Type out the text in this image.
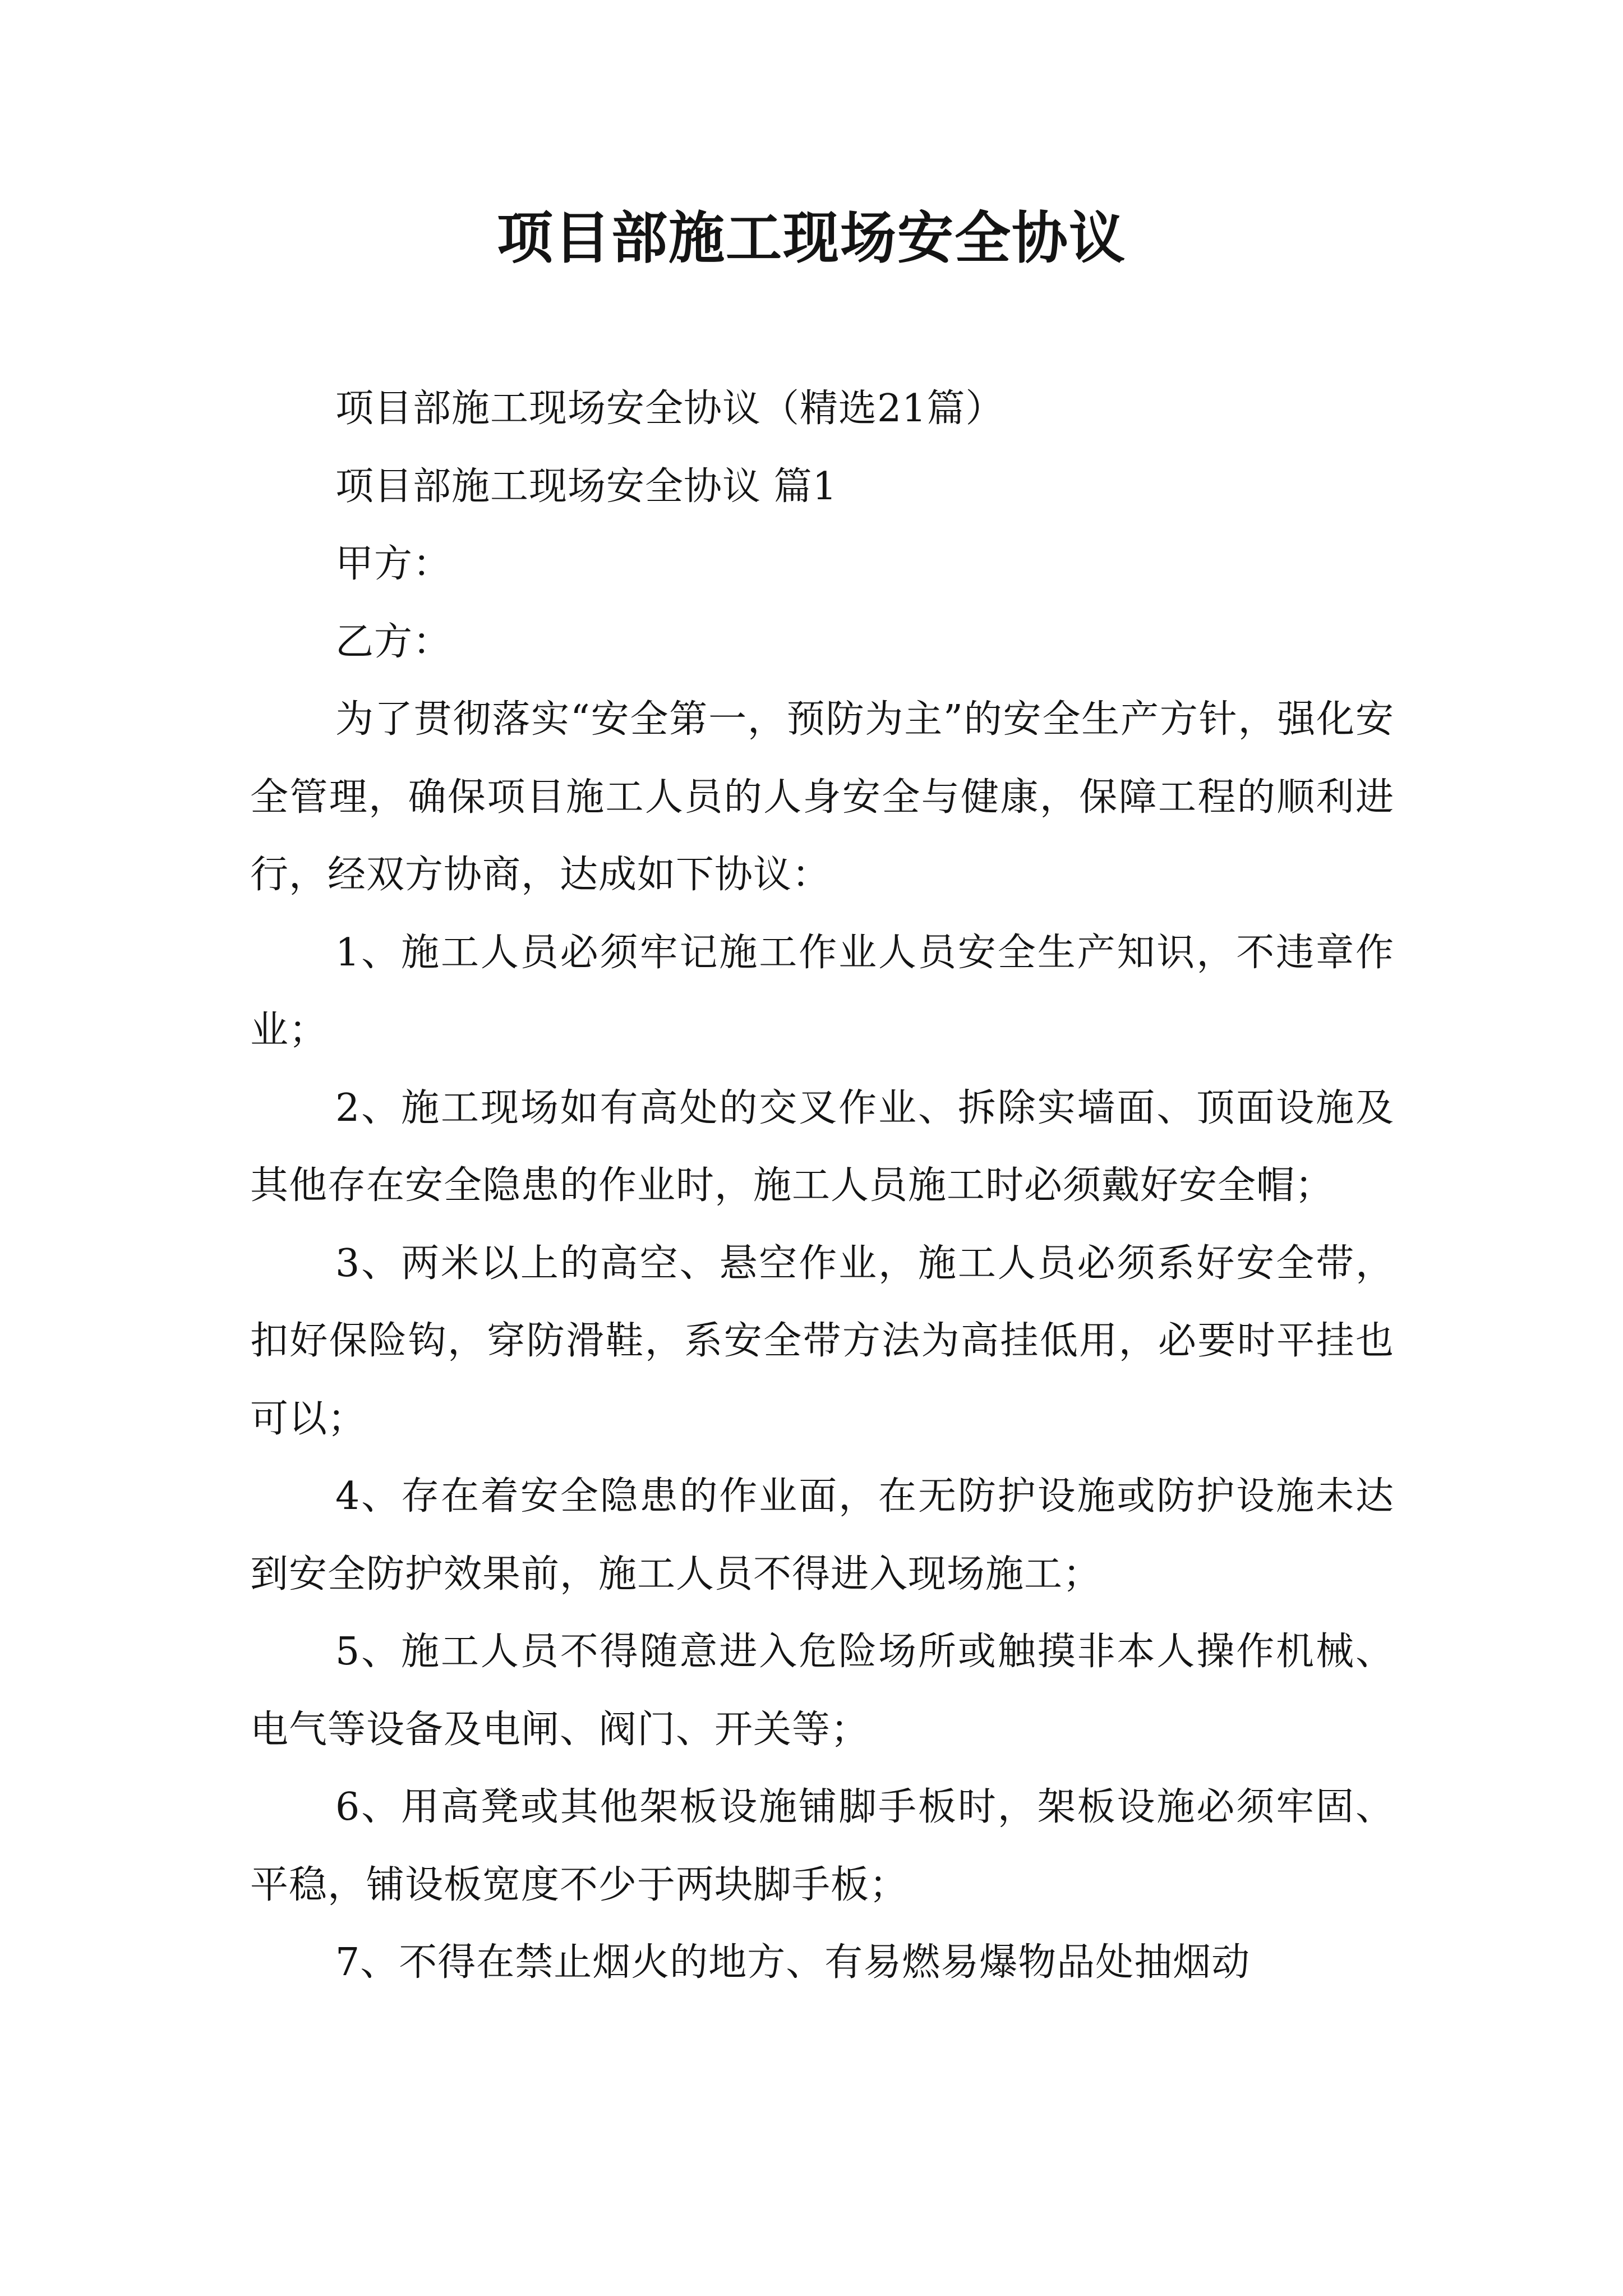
项目部施工现场安全协议

项目部施工现场安全协议（精选21篇）

项目部施工现场安全协议 篇1

甲方：

乙方：

为了贯彻落实“安全第一，预防为主”的安全生产方针，强化安全管理，确保项目施工人员的人身安全与健康，保障工程的顺利进行，经双方协商，达成如下协议：

1、施工人员必须牢记施工作业人员安全生产知识，不违章作业；

2、施工现场如有高处的交叉作业、拆除实墙面、顶面设施及其他存在安全隐患的作业时，施工人员施工时必须戴好安全帽；

3、两米以上的高空、悬空作业，施工人员必须系好安全带，扣好保险钩，穿防滑鞋，系安全带方法为高挂低用，必要时平挂也可以；

4、存在着安全隐患的作业面，在无防护设施或防护设施未达到安全防护效果前，施工人员不得进入现场施工；

5、施工人员不得随意进入危险场所或触摸非本人操作机械、电气等设备及电闸、阀门、开关等；

6、用高凳或其他架板设施铺脚手板时，架板设施必须牢固、平稳，铺设板宽度不少于两块脚手板；

7、不得在禁止烟火的地方、有易燃易爆物品处抽烟动
